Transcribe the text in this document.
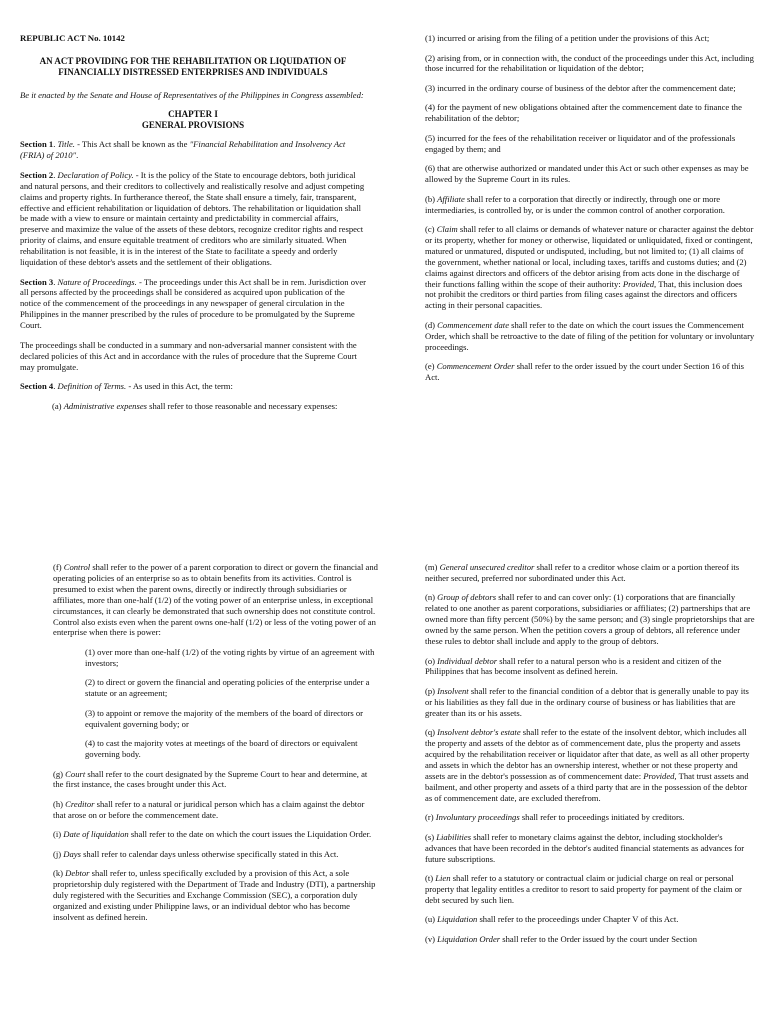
REPUBLIC ACT No. 10142

AN ACT PROVIDING FOR THE REHABILITATION OR LIQUIDATION OF FINANCIALLY DISTRESSED ENTERPRISES AND INDIVIDUALS

Be it enacted by the Senate and House of Representatives of the Philippines in Congress assembled:

CHAPTER I
GENERAL PROVISIONS

Section 1. Title. - This Act shall be known as the "Financial Rehabilitation and Insolvency Act (FRIA) of 2010".

Section 2. Declaration of Policy. - It is the policy of the State to encourage debtors, both juridical and natural persons, and their creditors to collectively and realistically resolve and adjust competing claims and property rights. In furtherance thereof, the State shall ensure a timely, fair, transparent, effective and efficient rehabilitation or liquidation of debtors. The rehabilitation or liquidation shall be made with a view to ensure or maintain certainty and predictability in commercial affairs, preserve and maximize the value of the assets of these debtors, recognize creditor rights and respect priority of claims, and ensure equitable treatment of creditors who are similarly situated. When rehabilitation is not feasible, it is in the interest of the State to facilitate a speedy and orderly liquidation of these debtor's assets and the settlement of their obligations.

Section 3. Nature of Proceedings. - The proceedings under this Act shall be in rem. Jurisdiction over all persons affected by the proceedings shall be considered as acquired upon publication of the notice of the commencement of the proceedings in any newspaper of general circulation in the Philippines in the manner prescribed by the rules of procedure to be promulgated by the Supreme Court.

The proceedings shall be conducted in a summary and non-adversarial manner consistent with the declared policies of this Act and in accordance with the rules of procedure that the Supreme Court may promulgate.

Section 4. Definition of Terms. - As used in this Act, the term:

(a) Administrative expenses shall refer to those reasonable and necessary expenses:

(1) incurred or arising from the filing of a petition under the provisions of this Act;

(2) arising from, or in connection with, the conduct of the proceedings under this Act, including those incurred for the rehabilitation or liquidation of the debtor;

(3) incurred in the ordinary course of business of the debtor after the commencement date;

(4) for the payment of new obligations obtained after the commencement date to finance the rehabilitation of the debtor;

(5) incurred for the fees of the rehabilitation receiver or liquidator and of the professionals engaged by them; and

(6) that are otherwise authorized or mandated under this Act or such other expenses as may be allowed by the Supreme Court in its rules.

(b) Affiliate shall refer to a corporation that directly or indirectly, through one or more intermediaries, is controlled by, or is under the common control of another corporation.

(c) Claim shall refer to all claims or demands of whatever nature or character against the debtor or its property, whether for money or otherwise, liquidated or unliquidated, fixed or contingent, matured or unmatured, disputed or undisputed, including, but not limited to; (1) all claims of the government, whether national or local, including taxes, tariffs and customs duties; and (2) claims against directors and officers of the debtor arising from acts done in the discharge of their functions falling within the scope of their authority: Provided, That, this inclusion does not prohibit the creditors or third parties from filing cases against the directors and officers acting in their personal capacities.

(d) Commencement date shall refer to the date on which the court issues the Commencement Order, which shall be retroactive to the date of filing of the petition for voluntary or involuntary proceedings.

(e) Commencement Order shall refer to the order issued by the court under Section 16 of this Act.

(f) Control shall refer to the power of a parent corporation to direct or govern the financial and operating policies of an enterprise so as to obtain benefits from its activities. Control is presumed to exist when the parent owns, directly or indirectly through subsidiaries or affiliates, more than one-half (1/2) of the voting power of an enterprise unless, in exceptional circumstances, it can clearly be demonstrated that such ownership does not constitute control. Control also exists even when the parent owns one-half (1/2) or less of the voting power of an enterprise when there is power:

(1) over more than one-half (1/2) of the voting rights by virtue of an agreement with investors;

(2) to direct or govern the financial and operating policies of the enterprise under a statute or an agreement;

(3) to appoint or remove the majority of the members of the board of directors or equivalent governing body; or

(4) to cast the majority votes at meetings of the board of directors or equivalent governing body.

(g) Court shall refer to the court designated by the Supreme Court to hear and determine, at the first instance, the cases brought under this Act.

(h) Creditor shall refer to a natural or juridical person which has a claim against the debtor that arose on or before the commencement date.

(i) Date of liquidation shall refer to the date on which the court issues the Liquidation Order.

(j) Days shall refer to calendar days unless otherwise specifically stated in this Act.

(k) Debtor shall refer to, unless specifically excluded by a provision of this Act, a sole proprietorship duly registered with the Department of Trade and Industry (DTI), a partnership duly registered with the Securities and Exchange Commission (SEC), a corporation duly organized and existing under Philippine laws, or an individual debtor who has become insolvent as defined herein.

(m) General unsecured creditor shall refer to a creditor whose claim or a portion thereof its neither secured, preferred nor subordinated under this Act.

(n) Group of debtors shall refer to and can cover only: (1) corporations that are financially related to one another as parent corporations, subsidiaries or affiliates; (2) partnerships that are owned more than fifty percent (50%) by the same person; and (3) single proprietorships that are owned by the same person. When the petition covers a group of debtors, all reference under these rules to debtor shall include and apply to the group of debtors.

(o) Individual debtor shall refer to a natural person who is a resident and citizen of the Philippines that has become insolvent as defined herein.

(p) Insolvent shall refer to the financial condition of a debtor that is generally unable to pay its or his liabilities as they fall due in the ordinary course of business or has liabilities that are greater than its or his assets.

(q) Insolvent debtor's estate shall refer to the estate of the insolvent debtor, which includes all the property and assets of the debtor as of commencement date, plus the property and assets acquired by the rehabilitation receiver or liquidator after that date, as well as all other property and assets in which the debtor has an ownership interest, whether or not these property and assets are in the debtor's possession as of commencement date: Provided, That trust assets and bailment, and other property and assets of a third party that are in the possession of the debtor as of commencement date, are excluded therefrom.

(r) Involuntary proceedings shall refer to proceedings initiated by creditors.

(s) Liabilities shall refer to monetary claims against the debtor, including stockholder's advances that have been recorded in the debtor's audited financial statements as advances for future subscriptions.

(t) Lien shall refer to a statutory or contractual claim or judicial charge on real or personal property that legality entitles a creditor to resort to said property for payment of the claim or debt secured by such lien.

(u) Liquidation shall refer to the proceedings under Chapter V of this Act.

(v) Liquidation Order shall refer to the Order issued by the court under Section
